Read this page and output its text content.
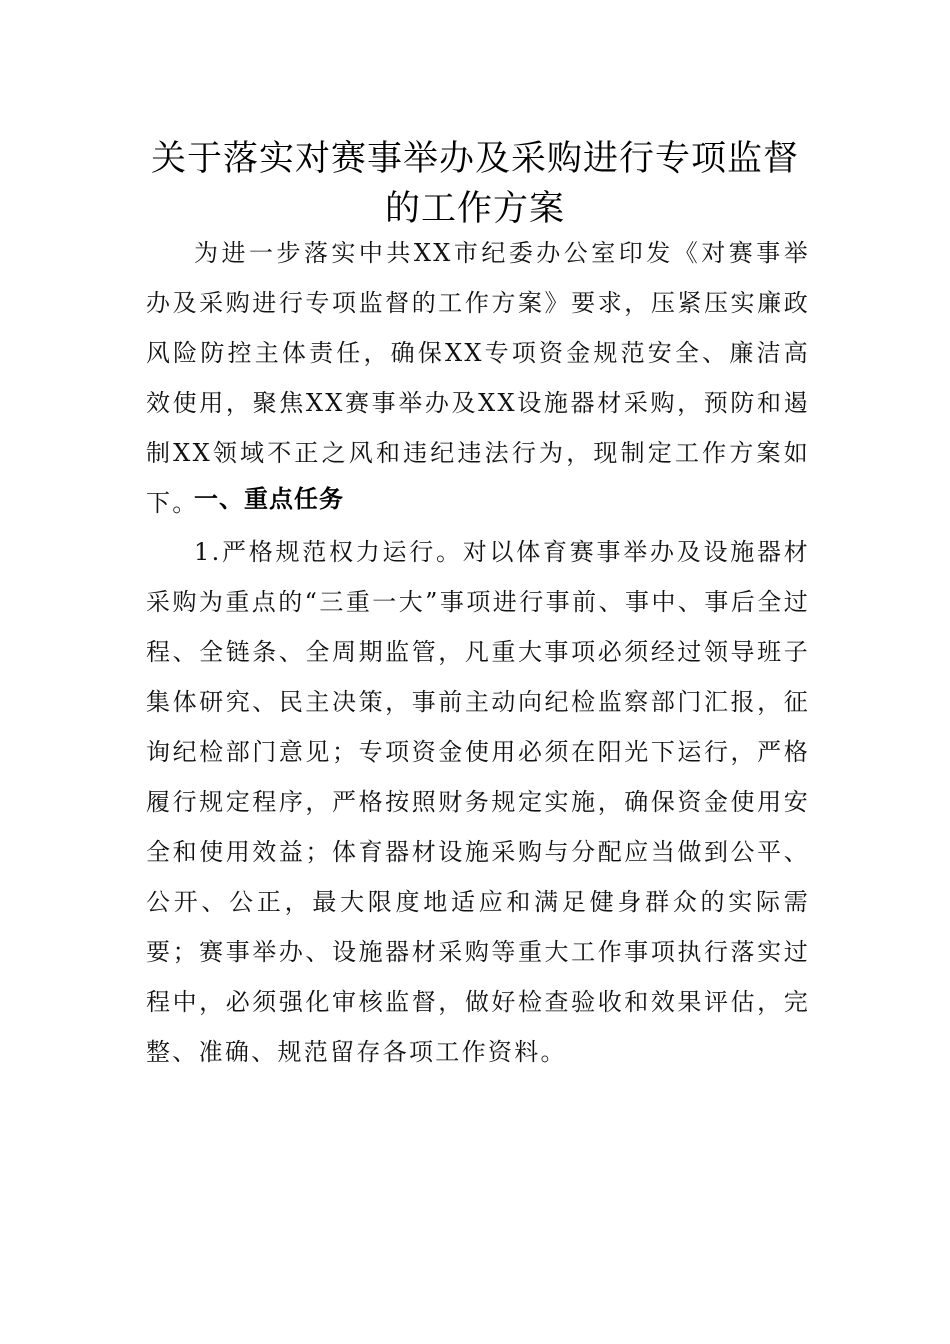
关于落实对赛事举办及采购进行专项监督
的工作方案

为进一步落实中共XX市纪委办公室印发《对赛事举办及采购进行专项监督的工作方案》要求，压紧压实廉政风险防控主体责任，确保XX专项资金规范安全、廉洁高效使用，聚焦XX赛事举办及XX设施器材采购，预防和遏制XX领域不正之风和违纪违法行为，现制定工作方案如下。

一、重点任务

1.严格规范权力运行。对以体育赛事举办及设施器材采购为重点的“三重一大”事项进行事前、事中、事后全过程、全链条、全周期监管，凡重大事项必须经过领导班子集体研究、民主决策，事前主动向纪检监察部门汇报，征询纪检部门意见；专项资金使用必须在阳光下运行，严格履行规定程序，严格按照财务规定实施，确保资金使用安全和使用效益；体育器材设施采购与分配应当做到公平、公开、公正，最大限度地适应和满足健身群众的实际需要；赛事举办、设施器材采购等重大工作事项执行落实过程中，必须强化审核监督，做好检查验收和效果评估，完整、准确、规范留存各项工作资料。
